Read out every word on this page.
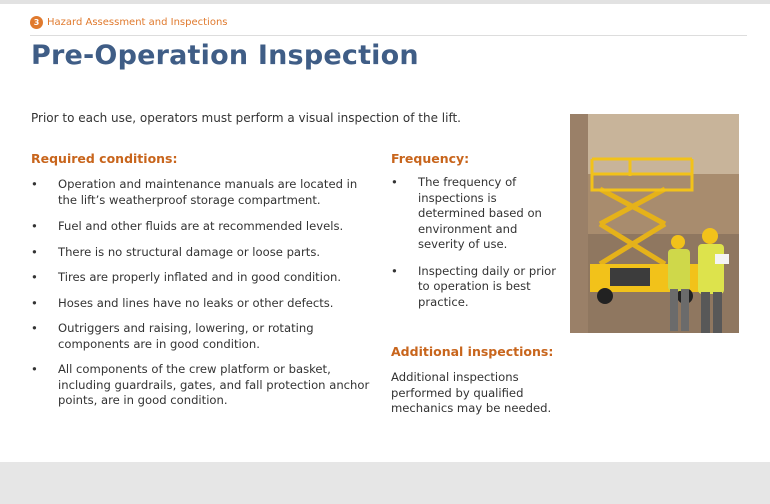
3 Hazard Assessment and Inspections
Pre-Operation Inspection
Prior to each use, operators must perform a visual inspection of the lift.
Required conditions:
• Operation and maintenance manuals are located in the lift’s weatherproof storage compartment.
• Fuel and other fluids are at recommended levels.
• There is no structural damage or loose parts.
• Tires are properly inflated and in good condition.
• Hoses and lines have no leaks or other defects.
• Outriggers and raising, lowering, or rotating components are in good condition.
• All components of the crew platform or basket, including guardrails, gates, and fall protection anchor points, are in good condition.
Frequency:
• The frequency of inspections is determined based on environment and severity of use.
• Inspecting daily or prior to operation is best practice.
Additional inspections:
Additional inspections performed by qualified mechanics may be needed.
